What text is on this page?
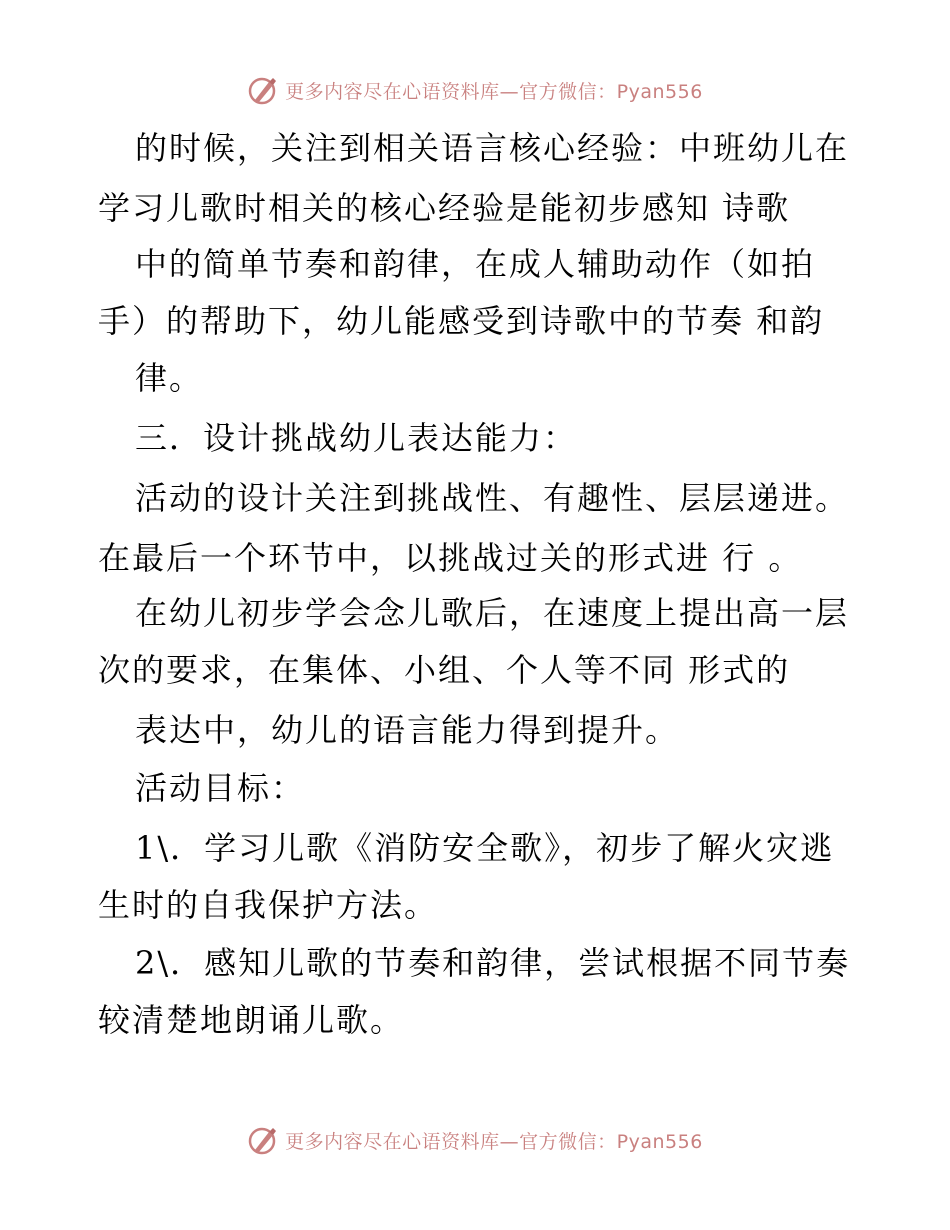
更多内容尽在心语资料库—官方微信：Pyan556
的时候，关注到相关语言核心经验：中班幼儿在
学习儿歌时相关的核心经验是能初步感知 诗歌
中的简单节奏和韵律，在成人辅助动作（如拍
手）的帮助下，幼儿能感受到诗歌中的节奏 和韵
律。
三．设计挑战幼儿表达能力：
活动的设计关注到挑战性、有趣性、层层递进。
在最后一个环节中，以挑战过关的形式进 行 。
在幼儿初步学会念儿歌后，在速度上提出高一层
次的要求，在集体、小组、个人等不同 形式的
表达中，幼儿的语言能力得到提升。
活动目标：
1\．学习儿歌《消防安全歌》，初步了解火灾逃
生时的自我保护方法。
2\．感知儿歌的节奏和韵律，尝试根据不同节奏
较清楚地朗诵儿歌。
更多内容尽在心语资料库—官方微信：Pyan556
